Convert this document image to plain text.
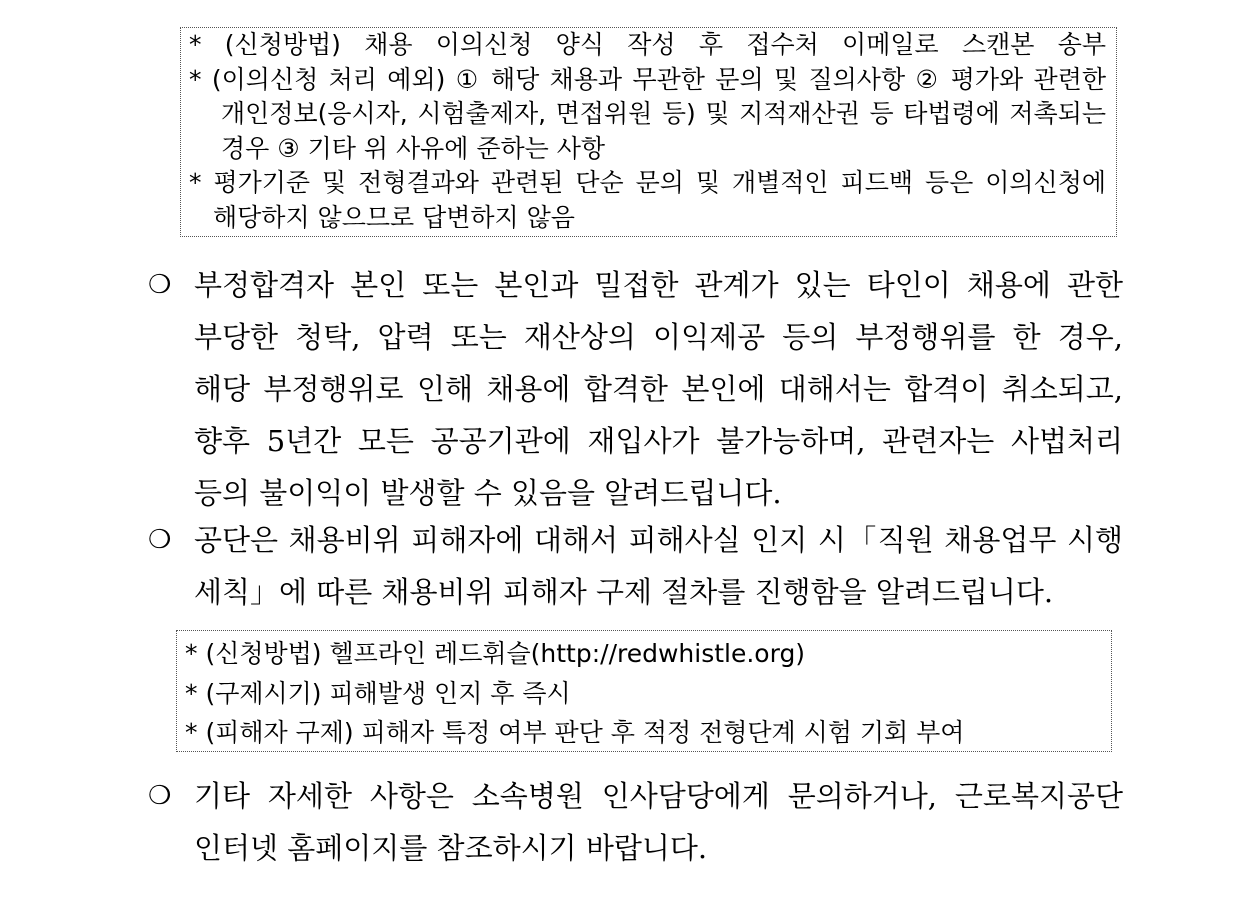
* (신청방법) 채용 이의신청 양식 작성 후 접수처 이메일로 스캔본 송부
* (이의신청 처리 예외) ① 해당 채용과 무관한 문의 및 질의사항 ② 평가와 관련한
개인정보(응시자, 시험출제자, 면접위원 등) 및 지적재산권 등 타법령에 저촉되는
경우 ③ 기타 위 사유에 준하는 사항
* 평가기준 및 전형결과와 관련된 단순 문의 및 개별적인 피드백 등은 이의신청에
해당하지 않으므로 답변하지 않음
❍ 부정합격자 본인 또는 본인과 밀접한 관계가 있는 타인이 채용에 관한
부당한 청탁, 압력 또는 재산상의 이익제공 등의 부정행위를 한 경우,
해당 부정행위로 인해 채용에 합격한 본인에 대해서는 합격이 취소되고,
향후 5년간 모든 공공기관에 재입사가 불가능하며, 관련자는 사법처리
등의 불이익이 발생할 수 있음을 알려드립니다.
❍ 공단은 채용비위 피해자에 대해서 피해사실 인지 시「직원 채용업무 시행
세칙」에 따른 채용비위 피해자 구제 절차를 진행함을 알려드립니다.
* (신청방법) 헬프라인 레드휘슬(http://redwhistle.org)
* (구제시기) 피해발생 인지 후 즉시
* (피해자 구제) 피해자 특정 여부 판단 후 적정 전형단계 시험 기회 부여
❍ 기타 자세한 사항은 소속병원 인사담당에게 문의하거나, 근로복지공단
인터넷 홈페이지를 참조하시기 바랍니다.
